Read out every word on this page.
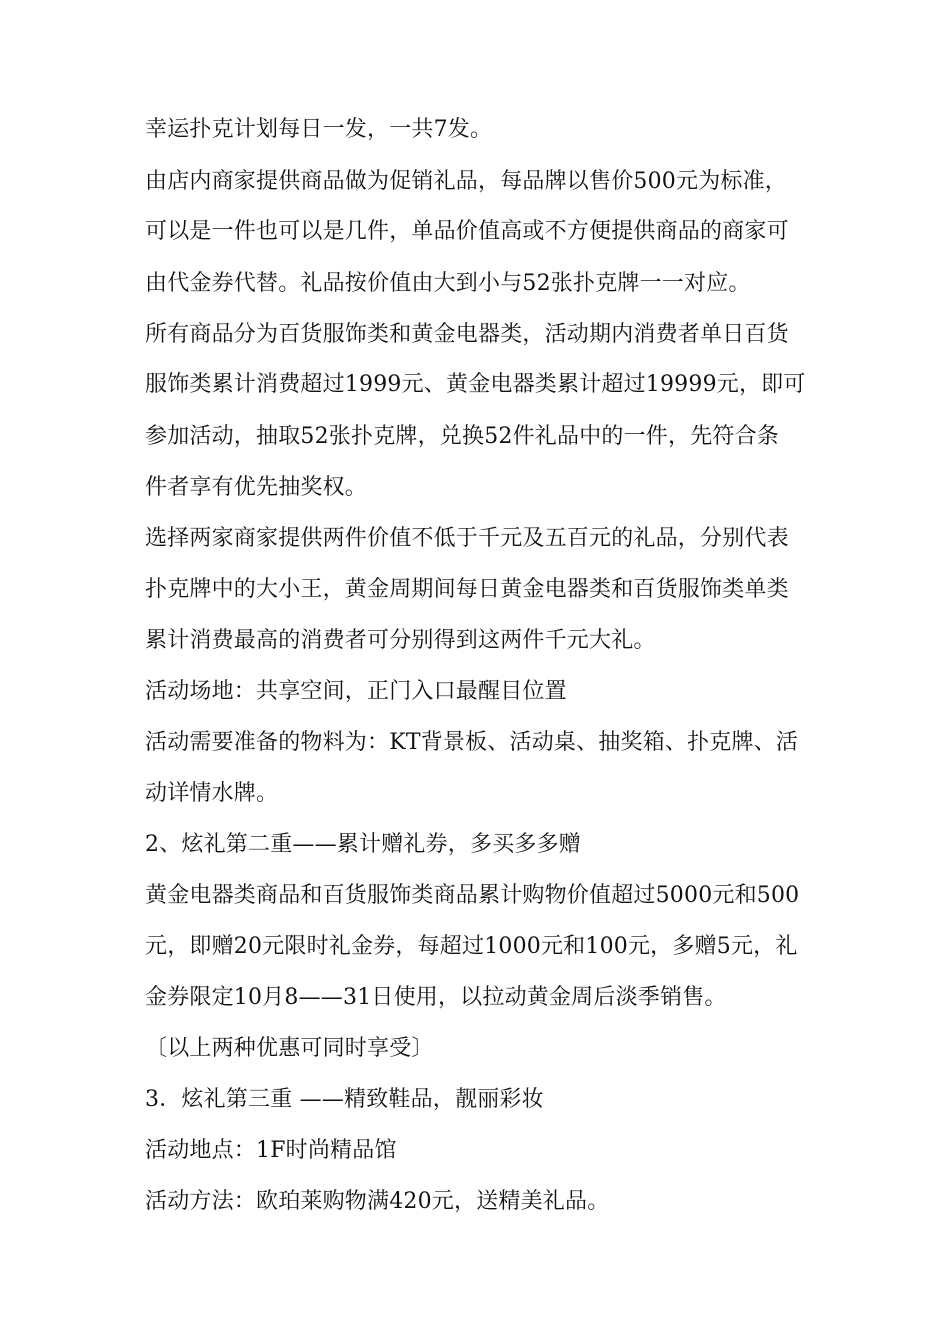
幸运扑克计划每日一发，一共7发。
由店内商家提供商品做为促销礼品，每品牌以售价500元为标准，
可以是一件也可以是几件，单品价值高或不方便提供商品的商家可
由代金券代替。礼品按价值由大到小与52张扑克牌一一对应。
所有商品分为百货服饰类和黄金电器类，活动期内消费者单日百货
服饰类累计消费超过1999元、黄金电器类累计超过19999元，即可
参加活动，抽取52张扑克牌，兑换52件礼品中的一件，先符合条
件者享有优先抽奖权。
选择两家商家提供两件价值不低于千元及五百元的礼品，分别代表
扑克牌中的大小王，黄金周期间每日黄金电器类和百货服饰类单类
累计消费最高的消费者可分别得到这两件千元大礼。
活动场地：共享空间，正门入口最醒目位置
活动需要准备的物料为：KT背景板、活动桌、抽奖箱、扑克牌、活
动详情水牌。
2、炫礼第二重——累计赠礼券，多买多多赠
黄金电器类商品和百货服饰类商品累计购物价值超过5000元和500
元，即赠20元限时礼金券，每超过1000元和100元，多赠5元，礼
金券限定10月8——31日使用，以拉动黄金周后淡季销售。
〔以上两种优惠可同时享受〕
3．炫礼第三重 ——精致鞋品，靓丽彩妆
活动地点：1F时尚精品馆
活动方法：欧珀莱购物满420元，送精美礼品。
